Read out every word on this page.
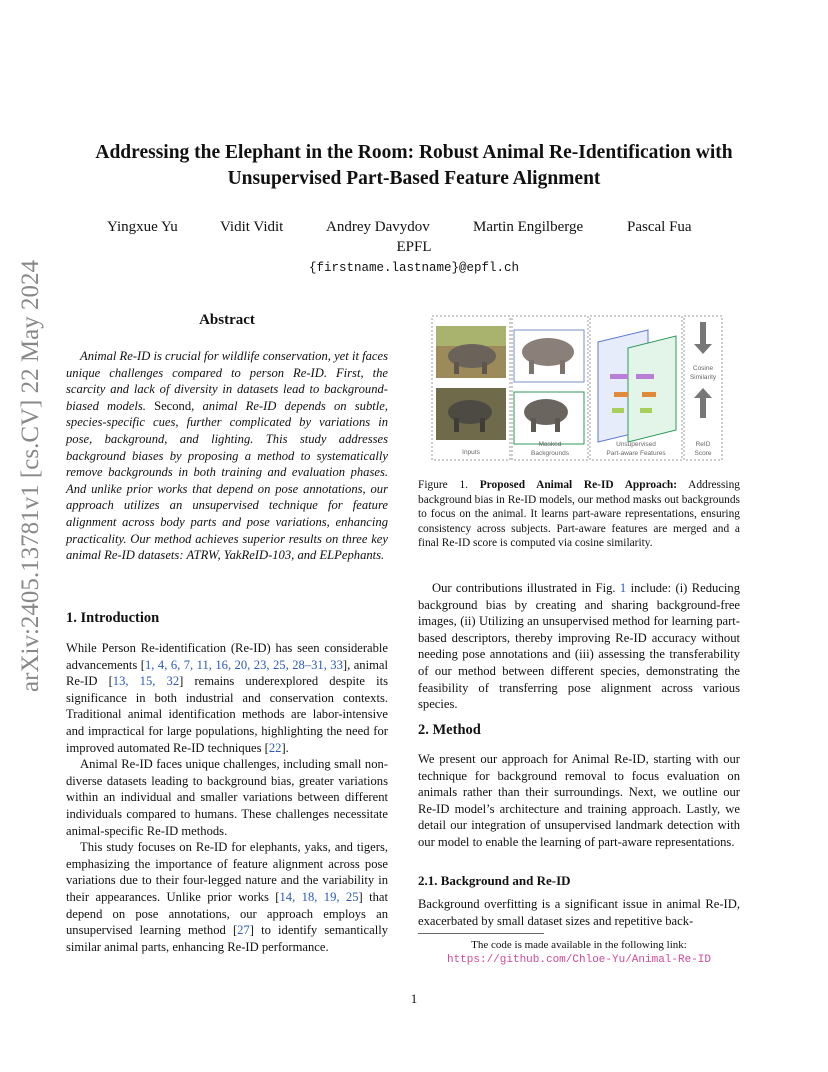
Addressing the Elephant in the Room: Robust Animal Re-Identification with Unsupervised Part-Based Feature Alignment
Yingxue Yu	Vidit Vidit	Andrey Davydov	Martin Engilberge	Pascal Fua
EPFL
{firstname.lastname}@epfl.ch
arXiv:2405.13781v1 [cs.CV] 22 May 2024	Abstract
Animal Re-ID is crucial for wildlife conservation, yet it faces unique challenges compared to person Re-ID. First, the scarcity and lack of diversity in datasets lead to background-biased models. Second, animal Re-ID depends on subtle, species-specific cues, further complicated by variations in pose, background, and lighting. This study addresses background biases by proposing a method to systematically remove backgrounds in both training and evaluation phases. And unlike prior works that depend on pose annotations, our approach utilizes an unsupervised technique for feature alignment across body parts and pose variations, enhancing practicality. Our method achieves superior results on three key animal Re-ID datasets: ATRW, YakReID-103, and ELPephants.
1. Introduction

While Person Re-identification (Re-ID) has seen considerable advancements [1, 4, 6, 7, 11, 16, 20, 23, 25, 28–31, 33], animal Re-ID [13, 15, 32] remains underexplored despite its significance in both industrial and conservation contexts. Traditional animal identification methods are labor-intensive and impractical for large populations, highlighting the need for improved automated Re-ID techniques [22].

Animal Re-ID faces unique challenges, including small non-diverse datasets leading to background bias, greater variations within an individual and smaller variations between different individuals compared to humans. These challenges necessitate animal-specific Re-ID methods.

This study focuses on Re-ID for elephants, yaks, and tigers, emphasizing the importance of feature alignment across pose variations due to their four-legged nature and the variability in their appearances. Unlike prior works [14, 18, 19, 25] that depend on pose annotations, our approach employs an unsupervised learning method [27] to identify semantically similar animal parts, enhancing Re-ID performance.

Inputs
Masked
Backgrounds
Unsupervised
Part-aware Features
Cosine
Similarity
ReID
Score
Figure 1. Proposed Animal Re-ID Approach: Addressing background bias in Re-ID models, our method masks out backgrounds to focus on the animal. It learns part-aware representations, ensuring consistency across subjects. Part-aware features are merged and a final Re-ID score is computed via cosine similarity.

Our contributions illustrated in Fig. 1 include: (i) Reducing background bias by creating and sharing background-free images, (ii) Utilizing an unsupervised method for learning part-based descriptors, thereby improving Re-ID accuracy without needing pose annotations and (iii) assessing the transferability of our method between different species, demonstrating the feasibility of transferring pose alignment across various species.

2. Method
We present our approach for Animal Re-ID, starting with our technique for background removal to focus evaluation on animals rather than their surroundings. Next, we outline our Re-ID model’s architecture and training approach. Lastly, we detail our integration of unsupervised landmark detection with our model to enable the learning of part-aware representations.
2.1. Background and Re-ID
Background overfitting is a significant issue in animal Re-ID, exacerbated by small dataset sizes and repetitive back-
The code is made available in the following link: https://github.com/Chloe-Yu/Animal-Re-ID
1
